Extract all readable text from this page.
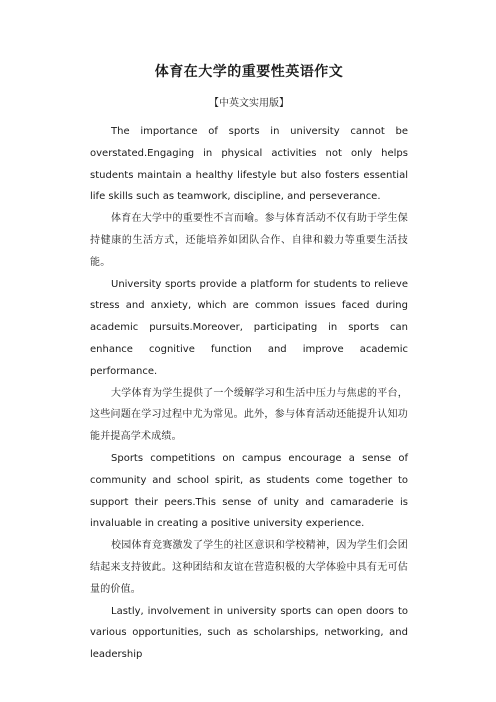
体育在大学的重要性英语作文
【中英文实用版】

The importance of sports in university cannot be overstated.Engaging in physical activities not only helps students maintain a healthy lifestyle but also fosters essential life skills such as teamwork, discipline, and perseverance.

体育在大学中的重要性不言而喻。参与体育活动不仅有助于学生保持健康的生活方式，还能培养如团队合作、自律和毅力等重要生活技能。

University sports provide a platform for students to relieve stress and anxiety, which are common issues faced during academic pursuits.Moreover, participating in sports can enhance cognitive function and improve academic performance.

大学体育为学生提供了一个缓解学习和生活中压力与焦虑的平台，这些问题在学习过程中尤为常见。此外，参与体育活动还能提升认知功能并提高学术成绩。

Sports competitions on campus encourage a sense of community and school spirit, as students come together to support their peers.This sense of unity and camaraderie is invaluable in creating a positive university experience.

校园体育竞赛激发了学生的社区意识和学校精神，因为学生们会团结起来支持彼此。这种团结和友谊在营造积极的大学体验中具有无可估量的价值。

Lastly, involvement in university sports can open doors to various opportunities, such as scholarships, networking, and leadership
